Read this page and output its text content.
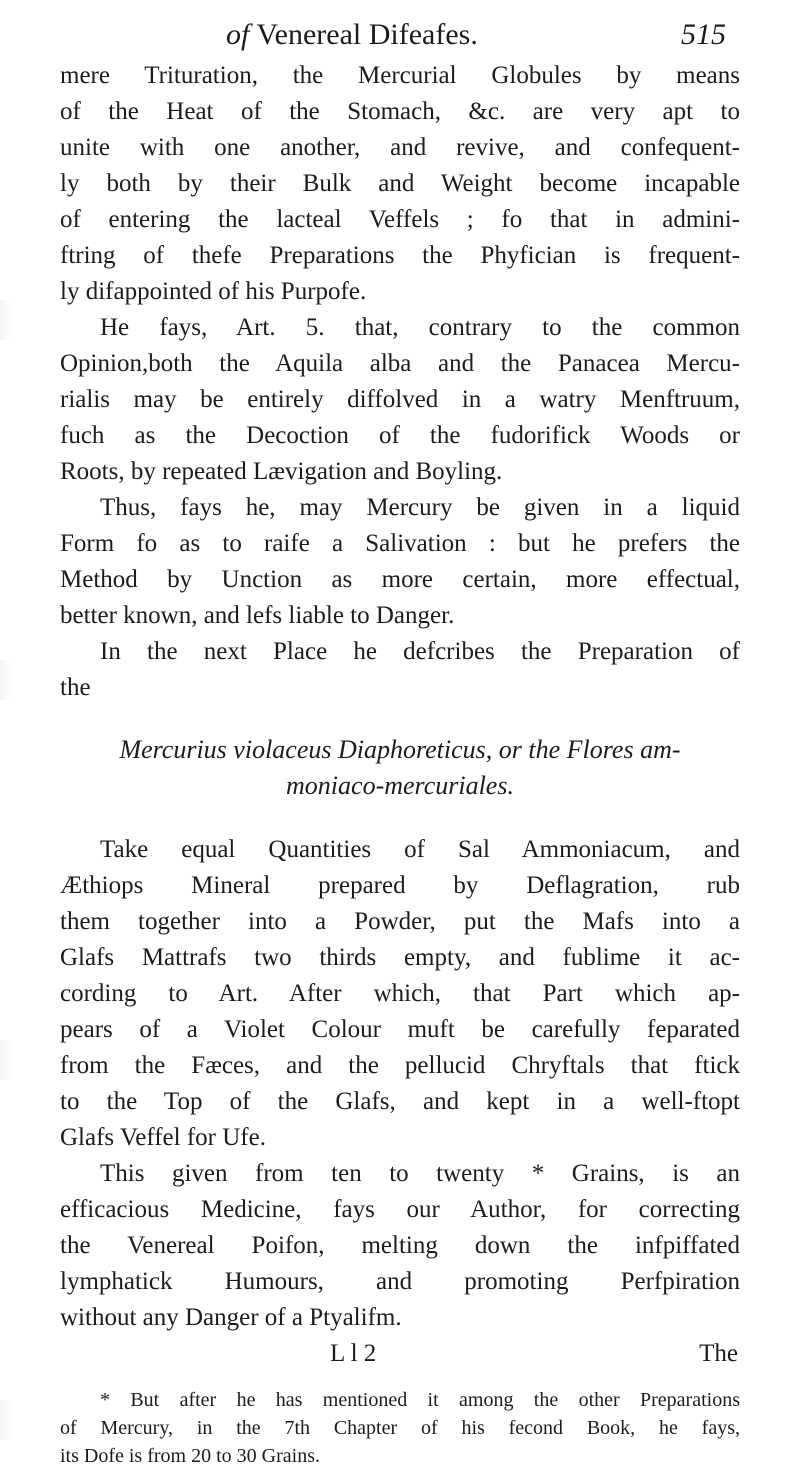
of Venereal Difeafes.	515
mere Trituration, the Mercurial Globules by means
of the Heat of the Stomach, &c. are very apt to
unite with one another, and revive, and confequent-
ly both by their Bulk and Weight become incapable
of entering the lacteal Veffels ; fo that in admini-
ftring of thefe Preparations the Phyfician is frequent-
ly difappointed of his Purpofe.
He fays, Art. 5. that, contrary to the common
Opinion,both the Aquila alba and the Panacea Mercu-
rialis may be entirely diffolved in a watry Menftruum,
fuch as the Decoction of the fudorifick Woods or
Roots, by repeated Lævigation and Boyling.
Thus, fays he, may Mercury be given in a liquid
Form fo as to raife a Salivation : but he prefers the
Method by Unction as more certain, more effectual,
better known, and lefs liable to Danger.
In the next Place he defcribes the Preparation of
the
Mercurius violaceus Diaphoreticus, or the Flores am-
moniaco-mercuriales.
Take equal Quantities of Sal Ammoniacum, and
Æthiops Mineral prepared by Deflagration, rub
them together into a Powder, put the Mafs into a
Glafs Mattrafs two thirds empty, and fublime it ac-
cording to Art. After which, that Part which ap-
pears of a Violet Colour muft be carefully feparated
from the Fæces, and the pellucid Chryftals that ftick
to the Top of the Glafs, and kept in a well-ftopt
Glafs Veffel for Ufe.
This given from ten to twenty * Grains, is an
efficacious Medicine, fays our Author, for correcting
the Venereal Poifon, melting down the infpiffated
lymphatick Humours, and promoting Perfpiration
without any Danger of a Ptyalifm.
L l 2	The
* But after he has mentioned it among the other Preparations
of Mercury, in the 7th Chapter of his fecond Book, he fays,
its Dofe is from 20 to 30 Grains.
